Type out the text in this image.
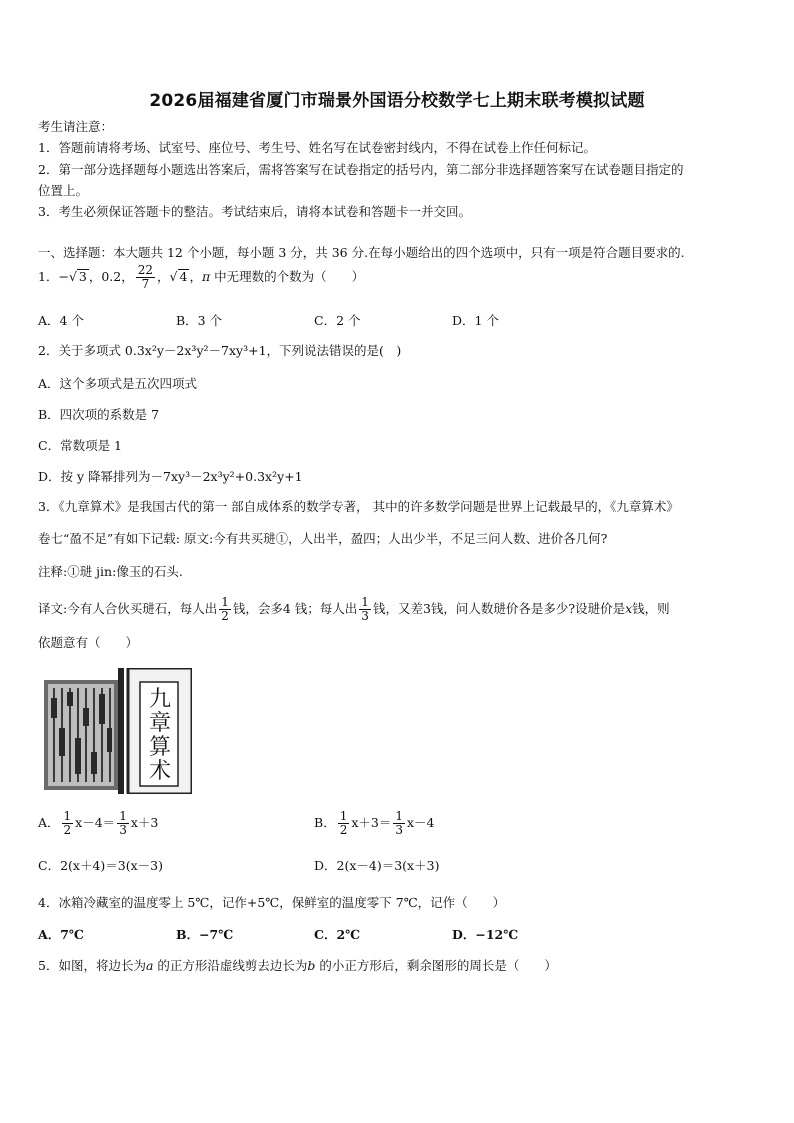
2026届福建省厦门市瑞景外国语分校数学七上期末联考模拟试题
考生请注意：
1．答题前请将考场、试室号、座位号、考生号、姓名写在试卷密封线内，不得在试卷上作任何标记。
2．第一部分选择题每小题选出答案后，需将答案写在试卷指定的括号内，第二部分非选择题答案写在试卷题目指定的
位置上。
3．考生必须保证答题卡的整洁。考试结束后，请将本试卷和答题卡一并交回。
一、选择题：本大题共 12 个小题，每小题 3 分，共 36 分.在每小题给出的四个选项中，只有一项是符合题目要求的.
1．−√ 3 ，0.2， $\frac{22}{7}$ ，√ 4 ，π 中无理数的个数为（　　）
A．4 个	B．3 个	C．2 个	D．1 个
2．关于多项式 0.3x²y－2x³y²－7xy³+1，下列说法错误的是(　)
A．这个多项式是五次四项式
B．四次项的系数是 7
C．常数项是 1
D．按 y 降幂排列为－7xy³－2x³y²+0.3x²y+1
3．《九章算术》是我国古代的第一 部自成体系的数学专著， 其中的许多数学问题是世界上记载最早的，《九章算术》
卷七“盈不足”有如下记载: 原文:今有共买琎①，人出半，盈四；人出少半，不足三问人数、进价各几何?
注释:①琎 jin:像玉的石头.
译文:今有人合伙买琎石，每人出 $\frac{1}{2}$ 钱，会多4 钱；每人出 $\frac{1}{3}$ 钱，又差3钱，问人数琎价各是多少?设琎价是x钱，则
依题意有（　　）
九章算术
A． $\frac{1}{2} x-4= \frac{1}{3} x+3$	B． $\frac{1}{2} x+3= \frac{1}{3} x-4$
C．2(x＋4)＝3(x－3)	D．2(x－4)＝3(x＋3)
4．冰箱冷藏室的温度零上 5℃，记作+5℃，保鲜室的温度零下 7℃，记作（　　）
A．7℃	B．−7℃	C．2℃	D．−12℃
5．如图，将边长为a 的正方形沿虚线剪去边长为b 的小正方形后，剩余图形的周长是（　　）
